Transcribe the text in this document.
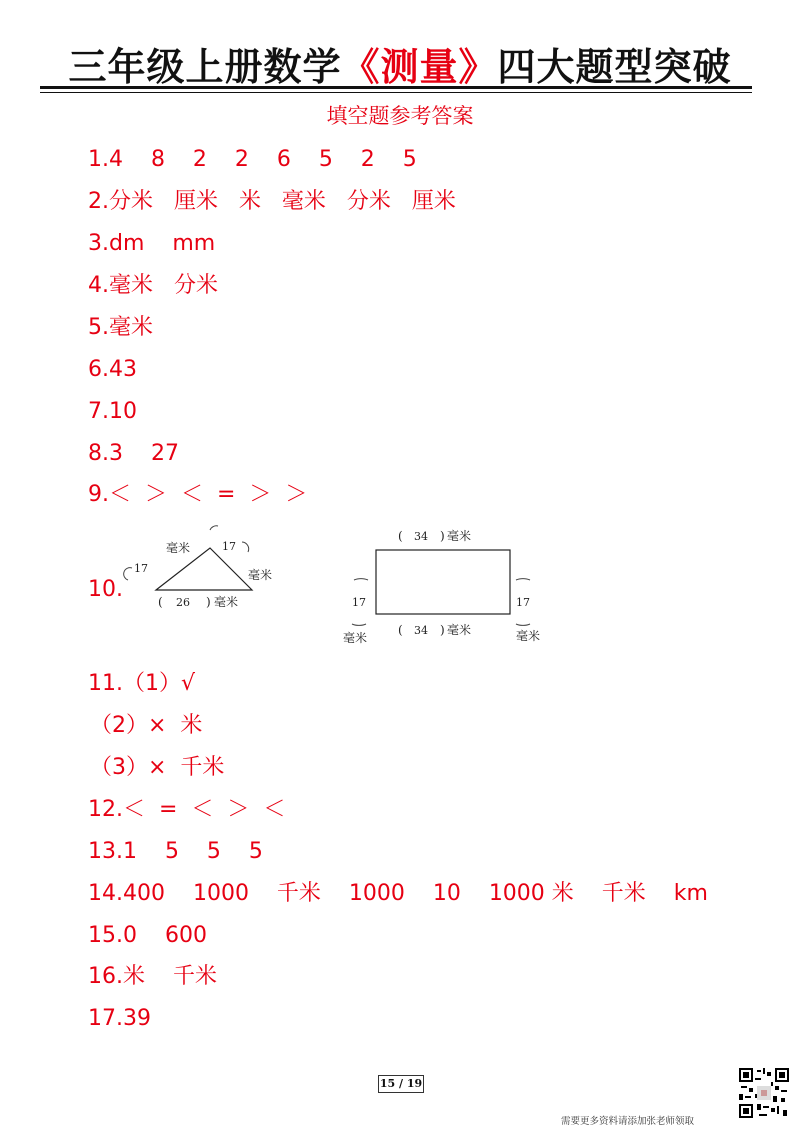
三年级上册数学《测量》四大题型突破
填空题参考答案
1.4    8    2    2    6    5    2    5
2.分米   厘米   米   毫米   分米   厘米
3.dm    mm
4.毫米   分米
5.毫米
6.43
7.10
8.3    27
9.＜  ＞  ＜  =  ＞  ＞
10.
17
毫米	17
毫米
( 26 ) 毫米
( 34 ) 毫米
17
毫米
17
毫米
( 34 ) 毫米
11.（1）√
（2）×  米
（3）×  千米
12.＜  =  ＜  ＞  ＜
13.1    5    5    5
14.400    1000    千米    1000    10    1000 米    千米    km
15.0    600
16.米    千米
17.39
15 / 19
需要更多资料请添加张老师领取
